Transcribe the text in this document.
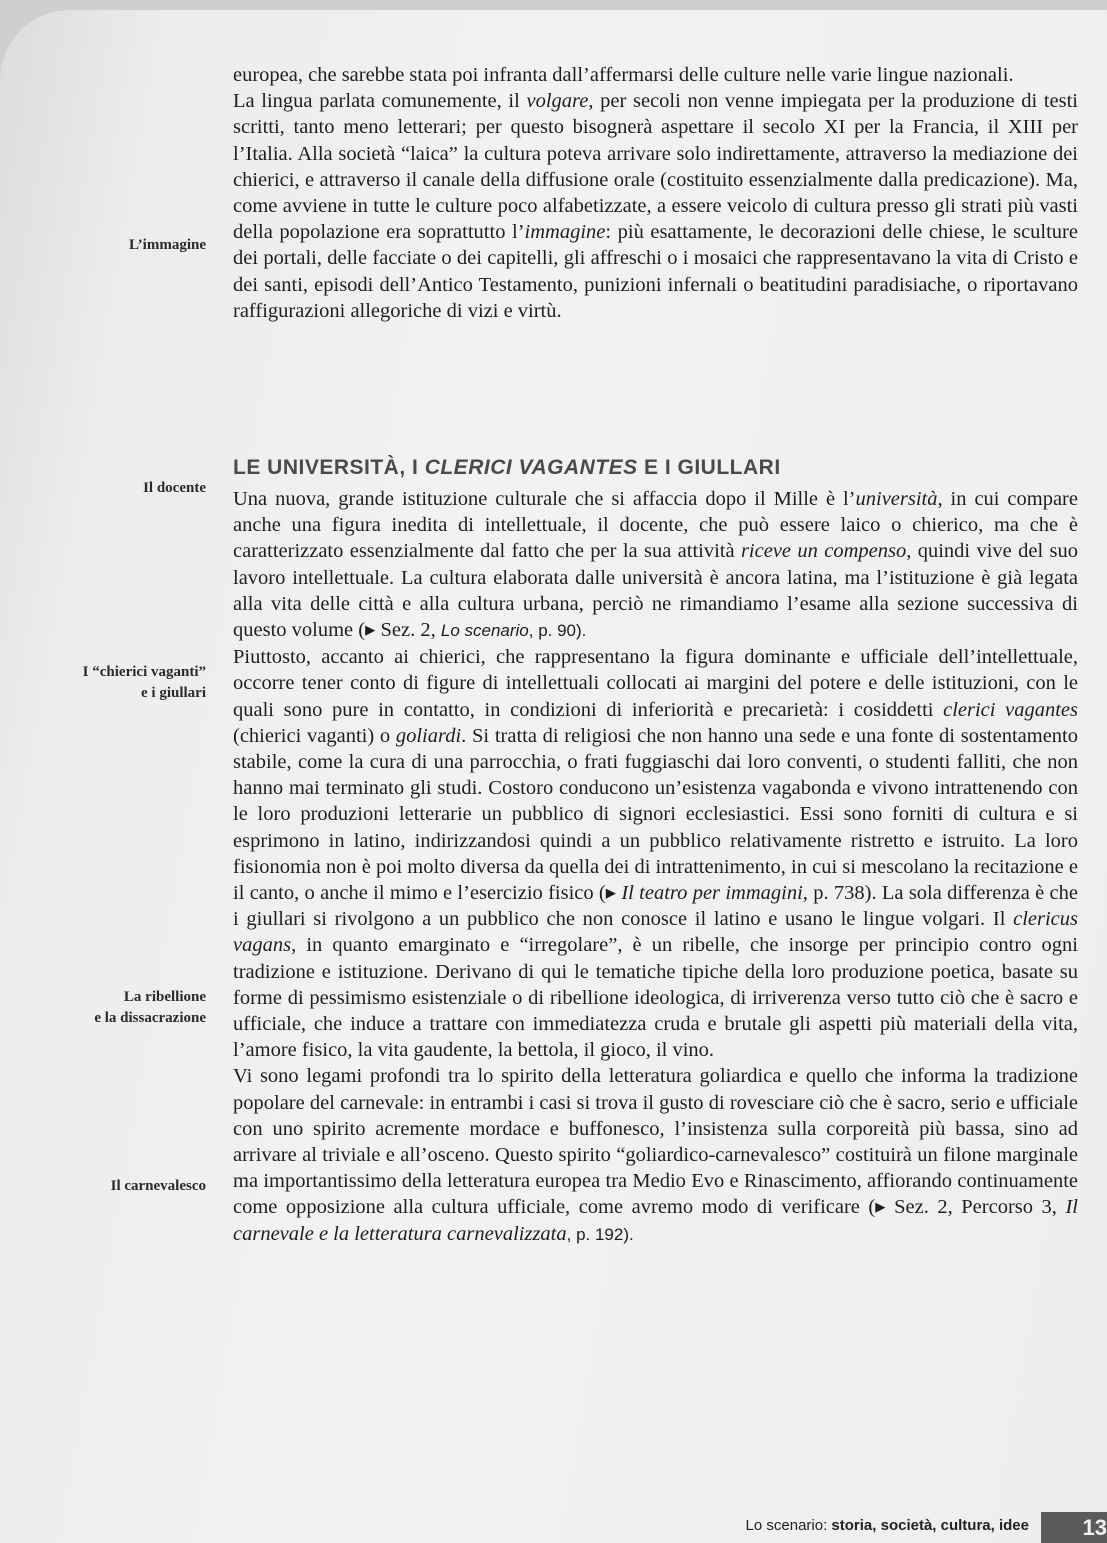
L’immagine
Il docente
I “chierici vaganti”
e i giullari
La ribellione
e la dissacrazione
Il carnevalesco

europea, che sarebbe stata poi infranta dall’affermarsi delle culture nelle varie lingue nazionali.

La lingua parlata comunemente, il volgare, per secoli non venne impiegata per la produzione di testi scritti, tanto meno letterari; per questo bisognerà aspettare il secolo XI per la Francia, il XIII per l’Italia. Alla società “laica” la cultura poteva arrivare solo indirettamente, attraverso la mediazione dei chierici, e attraverso il canale della diffusione orale (costituito essenzialmente dalla predicazione). Ma, come avviene in tutte le culture poco alfabetizzate, a essere veicolo di cultura presso gli strati più vasti della popolazione era soprattutto l’immagine: più esattamente, le decorazioni delle chiese, le sculture dei portali, delle facciate o dei capitelli, gli affreschi o i mosaici che rappresentavano la vita di Cristo e dei santi, episodi dell’Antico Testamento, punizioni infernali o beatitudini paradisiache, o riportavano raffigurazioni allegoriche di vizi e virtù.

LE UNIVERSITÀ, I CLERICI VAGANTES E I GIULLARI

Una nuova, grande istituzione culturale che si affaccia dopo il Mille è l’università, in cui compare anche una figura inedita di intellettuale, il docente, che può essere laico o chierico, ma che è caratterizzato essenzialmente dal fatto che per la sua attività riceve un compenso, quindi vive del suo lavoro intellettuale. La cultura elaborata dalle università è ancora latina, ma l’istituzione è già legata alla vita delle città e alla cultura urbana, perciò ne rimandiamo l’esame alla sezione successiva di questo volume (▸ Sez. 2, Lo scenario, p. 90).

Piuttosto, accanto ai chierici, che rappresentano la figura dominante e ufficiale dell’intellettuale, occorre tener conto di figure di intellettuali collocati ai margini del potere e delle istituzioni, con le quali sono pure in contatto, in condizioni di inferiorità e precarietà: i cosiddetti clerici vagantes (chierici vaganti) o goliardi. Si tratta di religiosi che non hanno una sede e una fonte di sostentamento stabile, come la cura di una parrocchia, o frati fuggiaschi dai loro conventi, o studenti falliti, che non hanno mai terminato gli studi. Costoro conducono un’esistenza vagabonda e vivono intrattenendo con le loro produzioni letterarie un pubblico di signori ecclesiastici. Essi sono forniti di cultura e si esprimono in latino, indirizzandosi quindi a un pubblico relativamente ristretto e istruito. La loro fisionomia non è poi molto diversa da quella dei di intrattenimento, in cui si mescolano la recitazione e il canto, o anche il mimo e l’esercizio fisico (▸ Il teatro per immagini, p. 738). La sola differenza è che i giullari si rivolgono a un pubblico che non conosce il latino e usano le lingue volgari. Il clericus vagans, in quanto emarginato e “irregolare”, è un ribelle, che insorge per principio contro ogni tradizione e istituzione. Derivano di qui le tematiche tipiche della loro produzione poetica, basate su forme di pessimismo esistenziale o di ribellione ideologica, di irriverenza verso tutto ciò che è sacro e ufficiale, che induce a trattare con immediatezza cruda e brutale gli aspetti più materiali della vita, l’amore fisico, la vita gaudente, la bettola, il gioco, il vino.

Vi sono legami profondi tra lo spirito della letteratura goliardica e quello che informa la tradizione popolare del carnevale: in entrambi i casi si trova il gusto di rovesciare ciò che è sacro, serio e ufficiale con uno spirito acremente mordace e buffonesco, l’insistenza sulla corporeità più bassa, sino ad arrivare al triviale e all’osceno. Questo spirito “goliardico-carnevalesco” costituirà un filone marginale ma importantissimo della letteratura europea tra Medio Evo e Rinascimento, affiorando continuamente come opposizione alla cultura ufficiale, come avremo modo di verificare (▸ Sez. 2, Percorso 3, Il carnevale e la letteratura carnevalizzata, p. 192).

Lo scenario: storia, società, cultura, idee	13
